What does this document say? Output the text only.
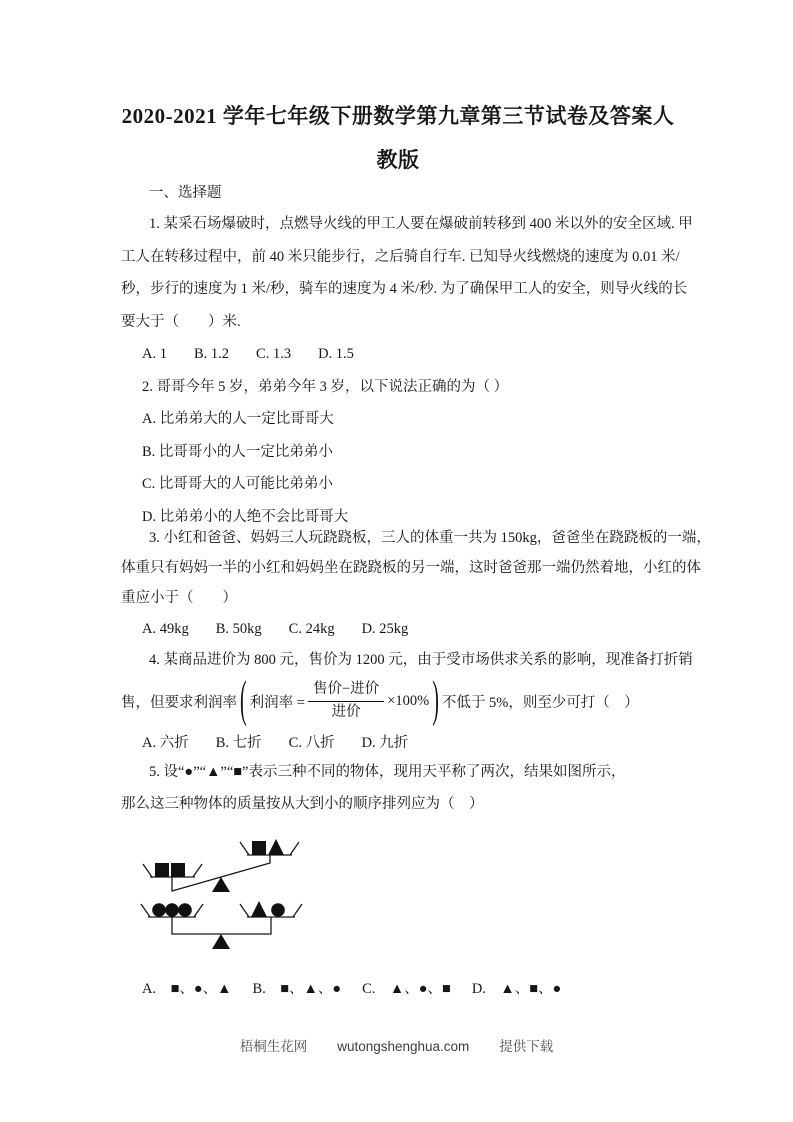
2020-2021 学年七年级下册数学第九章第三节试卷及答案人
教版
一、选择题
1. 某采石场爆破时，点燃导火线的甲工人要在爆破前转移到 400 米以外的安全区域. 甲
工人在转移过程中，前 40 米只能步行，之后骑自行车. 已知导火线燃烧的速度为 0.01 米/
秒，步行的速度为 1 米/秒，骑车的速度为 4 米/秒. 为了确保甲工人的安全，则导火线的长
要大于（　　）米.
A. 1 B. 1.2 C. 1.3 D. 1.5
2. 哥哥今年 5 岁，弟弟今年 3 岁，以下说法正确的为（ ）
A. 比弟弟大的人一定比哥哥大
B. 比哥哥小的人一定比弟弟小
C. 比哥哥大的人可能比弟弟小
D. 比弟弟小的人绝不会比哥哥大
3. 小红和爸爸、妈妈三人玩跷跷板，三人的体重一共为 150kg，爸爸坐在跷跷板的一端，
体重只有妈妈一半的小红和妈妈坐在跷跷板的另一端，这时爸爸那一端仍然着地，小红的体
重应小于（　　）
A. 49kg B. 50kg C. 24kg D. 25kg
4. 某商品进价为 800 元，售价为 1200 元，由于受市场供求关系的影响，现准备打折销
售，但要求利润率 ( 利润率 = $\frac{\text{售价−进价}}{\text{进价}} \times 100\%$ ) 不低于 5%，则至少可打（　）
A. 六折 B. 七折 C. 八折 D. 九折
5. 设“●”“▲”“■”表示三种不同的物体，现用天平称了两次，结果如图所示，
那么这三种物体的质量按从大到小的顺序排列应为（　）
A.　■、●、▲ B.　■、▲、● C.　▲、●、■ D.　▲、■、●
梧桐生花网 wutongshenghua.com 提供下载
